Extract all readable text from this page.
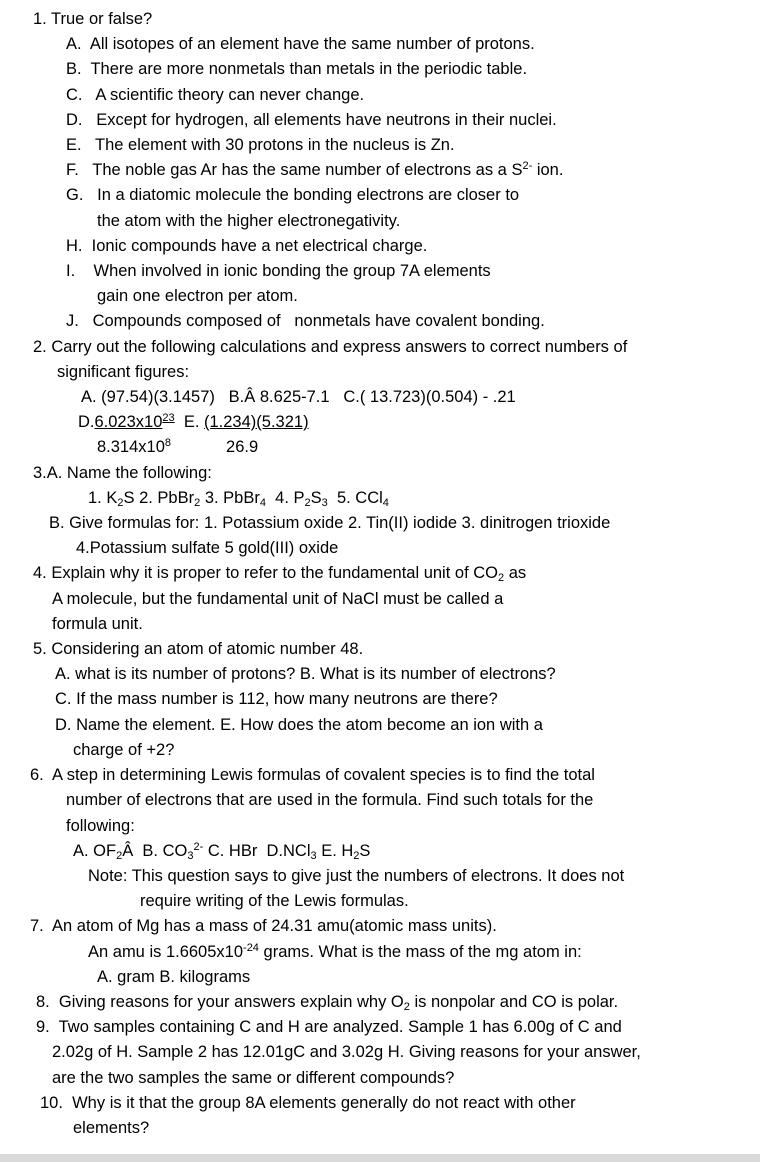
1. True or false?
A.  All isotopes of an element have the same number of protons.
B.  There are more nonmetals than metals in the periodic table.
C.   A scientific theory can never change.
D.   Except for hydrogen, all elements have neutrons in their nuclei.
E.   The element with 30 protons in the nucleus is Zn.
F.   The noble gas Ar has the same number of electrons as a $S^{2-}$ ion.
G.   In a diatomic molecule the bonding electrons are closer to
the atom with the higher electronegativity.
H.  Ionic compounds have a net electrical charge.
I.    When involved in ionic bonding the group 7A elements
gain one electron per atom.
J.   Compounds composed of   nonmetals have covalent bonding.
2. Carry out the following calculations and express answers to correct numbers of
significant figures:
A. (97.54)(3.1457)   B.Â 8.625-7.1   C.( 13.723)(0.504) - .21
$D.6.023x10^{23}$  E. (1.234)(5.321)
$8.314x10^8$            26.9
3.A. Name the following:
1. $K_2S$ 2. PbBr$_2$ 3. PbBr$_4$  4. $P_2S_3$  5. CCl$_4$
B. Give formulas for: 1. Potassium oxide 2. Tin(II) iodide 3. dinitrogen trioxide
4.Potassium sulfate 5 gold(III) oxide
4. Explain why it is proper to refer to the fundamental unit of $CO_2$ as
A molecule, but the fundamental unit of NaCl must be called a
formula unit.
5. Considering an atom of atomic number 48.
A. what is its number of protons? B. What is its number of electrons?
C. If the mass number is 112, how many neutrons are there?
D. Name the element. E. How does the atom become an ion with a
charge of +2?
6.  A step in determining Lewis formulas of covalent species is to find the total
number of electrons that are used in the formula. Find such totals for the
following:
A. $OF_2Â$  B. $CO_3^{2-}$ C. HBr  D.NCl$_3$ E. $H_2S$
Note: This question says to give just the numbers of electrons. It does not
require writing of the Lewis formulas.
7.  An atom of Mg has a mass of 24.31 amu(atomic mass units).
An amu is $1.6605x10^{-24}$ grams. What is the mass of the mg atom in:
A. gram B. kilograms
8.  Giving reasons for your answers explain why $O_2$ is nonpolar and CO is polar.
9.  Two samples containing C and H are analyzed. Sample 1 has 6.00g of C and
2.02g of H. Sample 2 has 12.01gC and 3.02g H. Giving reasons for your answer,
are the two samples the same or different compounds?
10.  Why is it that the group 8A elements generally do not react with other
elements?
